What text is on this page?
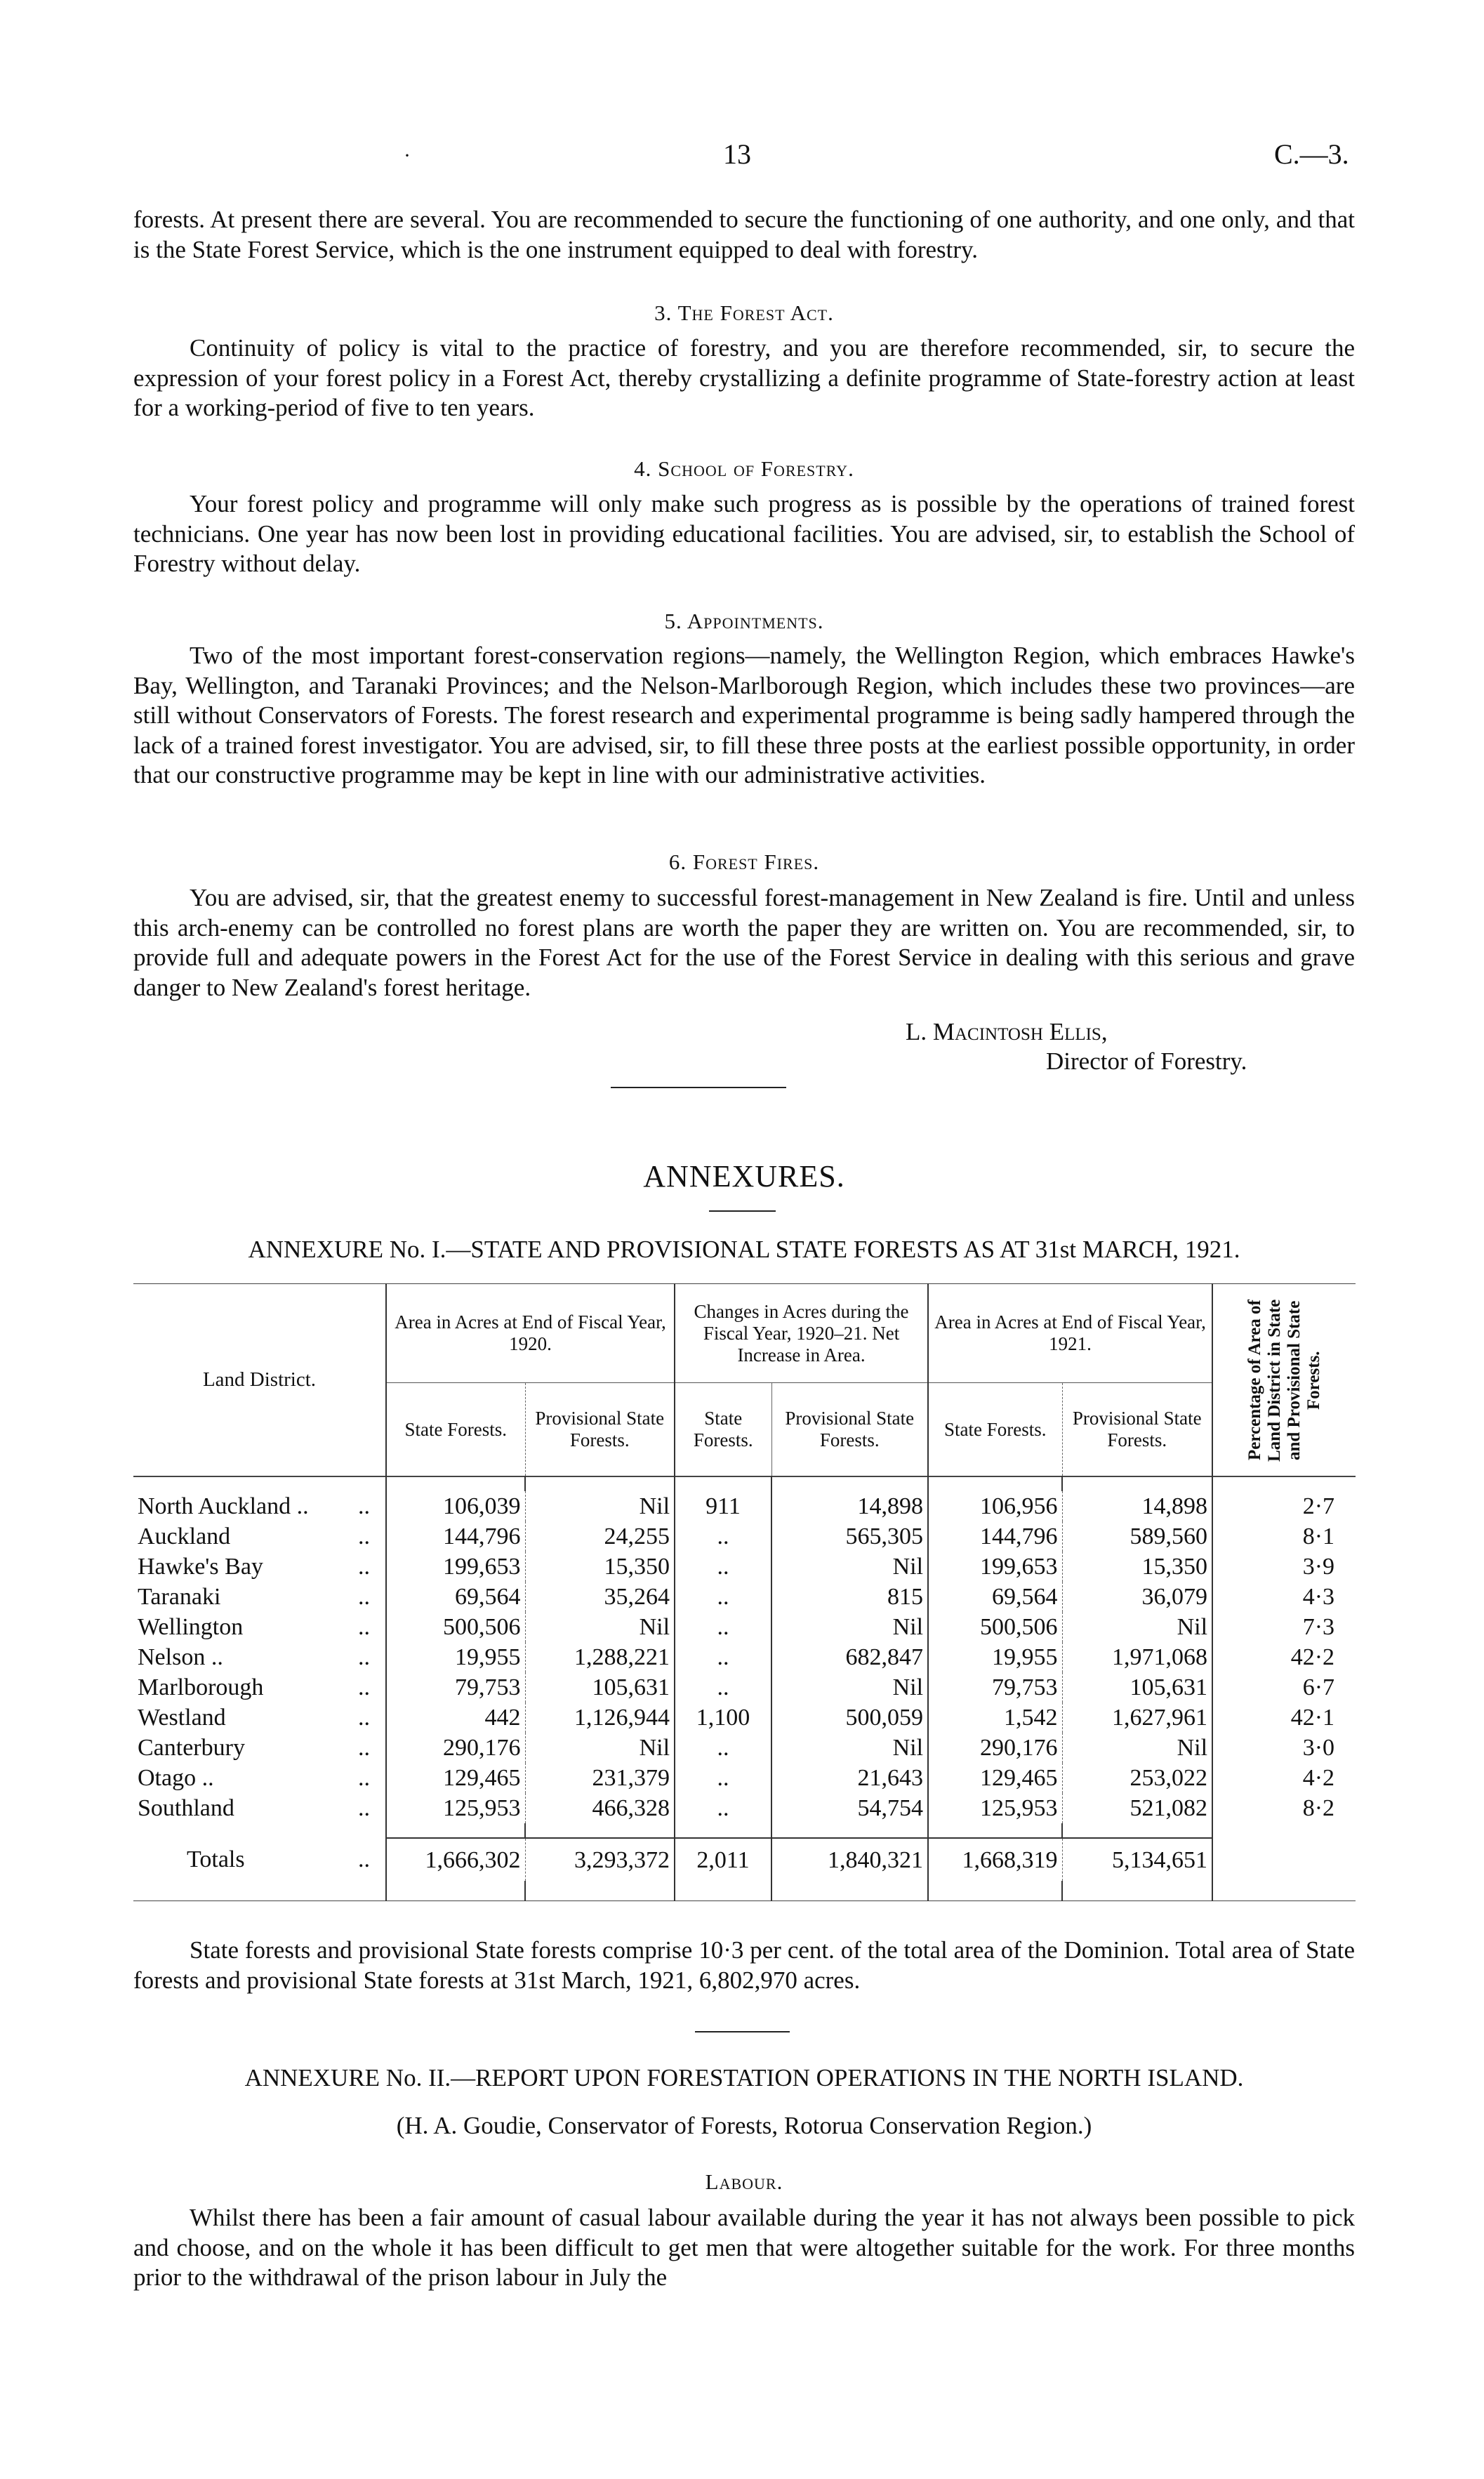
·	13	C.—3.

forests. At present there are several. You are recommended to secure the functioning of one authority, and one only, and that is the State Forest Service, which is the one instrument equipped to deal with forestry.

3. The Forest Act.

Continuity of policy is vital to the practice of forestry, and you are therefore recommended, sir, to secure the expression of your forest policy in a Forest Act, thereby crystallizing a definite programme of State-forestry action at least for a working-period of five to ten years.

4. School of Forestry.

Your forest policy and programme will only make such progress as is possible by the operations of trained forest technicians. One year has now been lost in providing educational facilities. You are advised, sir, to establish the School of Forestry without delay.

5. Appointments.

Two of the most important forest-conservation regions—namely, the Wellington Region, which embraces Hawke's Bay, Wellington, and Taranaki Provinces; and the Nelson-Marlborough Region, which includes these two provinces—are still without Conservators of Forests. The forest research and experimental programme is being sadly hampered through the lack of a trained forest investigator. You are advised, sir, to fill these three posts at the earliest possible opportunity, in order that our constructive programme may be kept in line with our administrative activities.

6. Forest Fires.

You are advised, sir, that the greatest enemy to successful forest-management in New Zealand is fire. Until and unless this arch-enemy can be controlled no forest plans are worth the paper they are written on. You are recommended, sir, to provide full and adequate powers in the Forest Act for the use of the Forest Service in dealing with this serious and grave danger to New Zealand's forest heritage.

L. Macintosh Ellis,
Director of Forestry.
ANNEXURES.
ANNEXURE No. I.—STATE AND PROVISIONAL STATE FORESTS AS AT 31st MARCH, 1921.
Land District.	Area in Acres at End of Fiscal Year, 1920.		Changes in Acres during the Fiscal Year, 1920–21. Net Increase in Area.		Area in Acres at End of Fiscal Year, 1921.		Percentage of Area of Land District in State and Provisional State Forests.

	State Forests.	Provisional State Forests.	State Forests.	Provisional State Forests.	State Forests.	Provisional State Forests.	

North Auckland .. ..	106,039	Nil	911	14,898	106,956	14,898	2·7
Auckland ..	144,796	24,255	..	565,305	144,796	589,560	8·1
Hawke's Bay ..	199,653	15,350	..	Nil	199,653	15,350	3·9
Taranaki ..	69,564	35,264	..	815	69,564	36,079	4·3
Wellington ..	500,506	Nil	..	Nil	500,506	Nil	7·3
Nelson .. ..	19,955	1,288,221	..	682,847	19,955	1,971,068	42·2
Marlborough ..	79,753	105,631	..	Nil	79,753	105,631	6·7
Westland ..	442	1,126,944	1,100	500,059	1,542	1,627,961	42·1
Canterbury ..	290,176	Nil	..	Nil	290,176	Nil	3·0
Otago .. ..	129,465	231,379	..	21,643	129,465	253,022	4·2
Southland ..	125,953	466,328	..	54,754	125,953	521,082	8·2

Totals ..	1,666,302	3,293,372	2,011	1,840,321	1,668,319	5,134,651	

State forests and provisional State forests comprise 10·3 per cent. of the total area of the Dominion. Total area of State forests and provisional State forests at 31st March, 1921, 6,802,970 acres.

ANNEXURE No. II.—REPORT UPON FORESTATION OPERATIONS IN THE NORTH ISLAND.
(H. A. Goudie, Conservator of Forests, Rotorua Conservation Region.)
Labour.

Whilst there has been a fair amount of casual labour available during the year it has not always been possible to pick and choose, and on the whole it has been difficult to get men that were altogether suitable for the work. For three months prior to the withdrawal of the prison labour in July the
